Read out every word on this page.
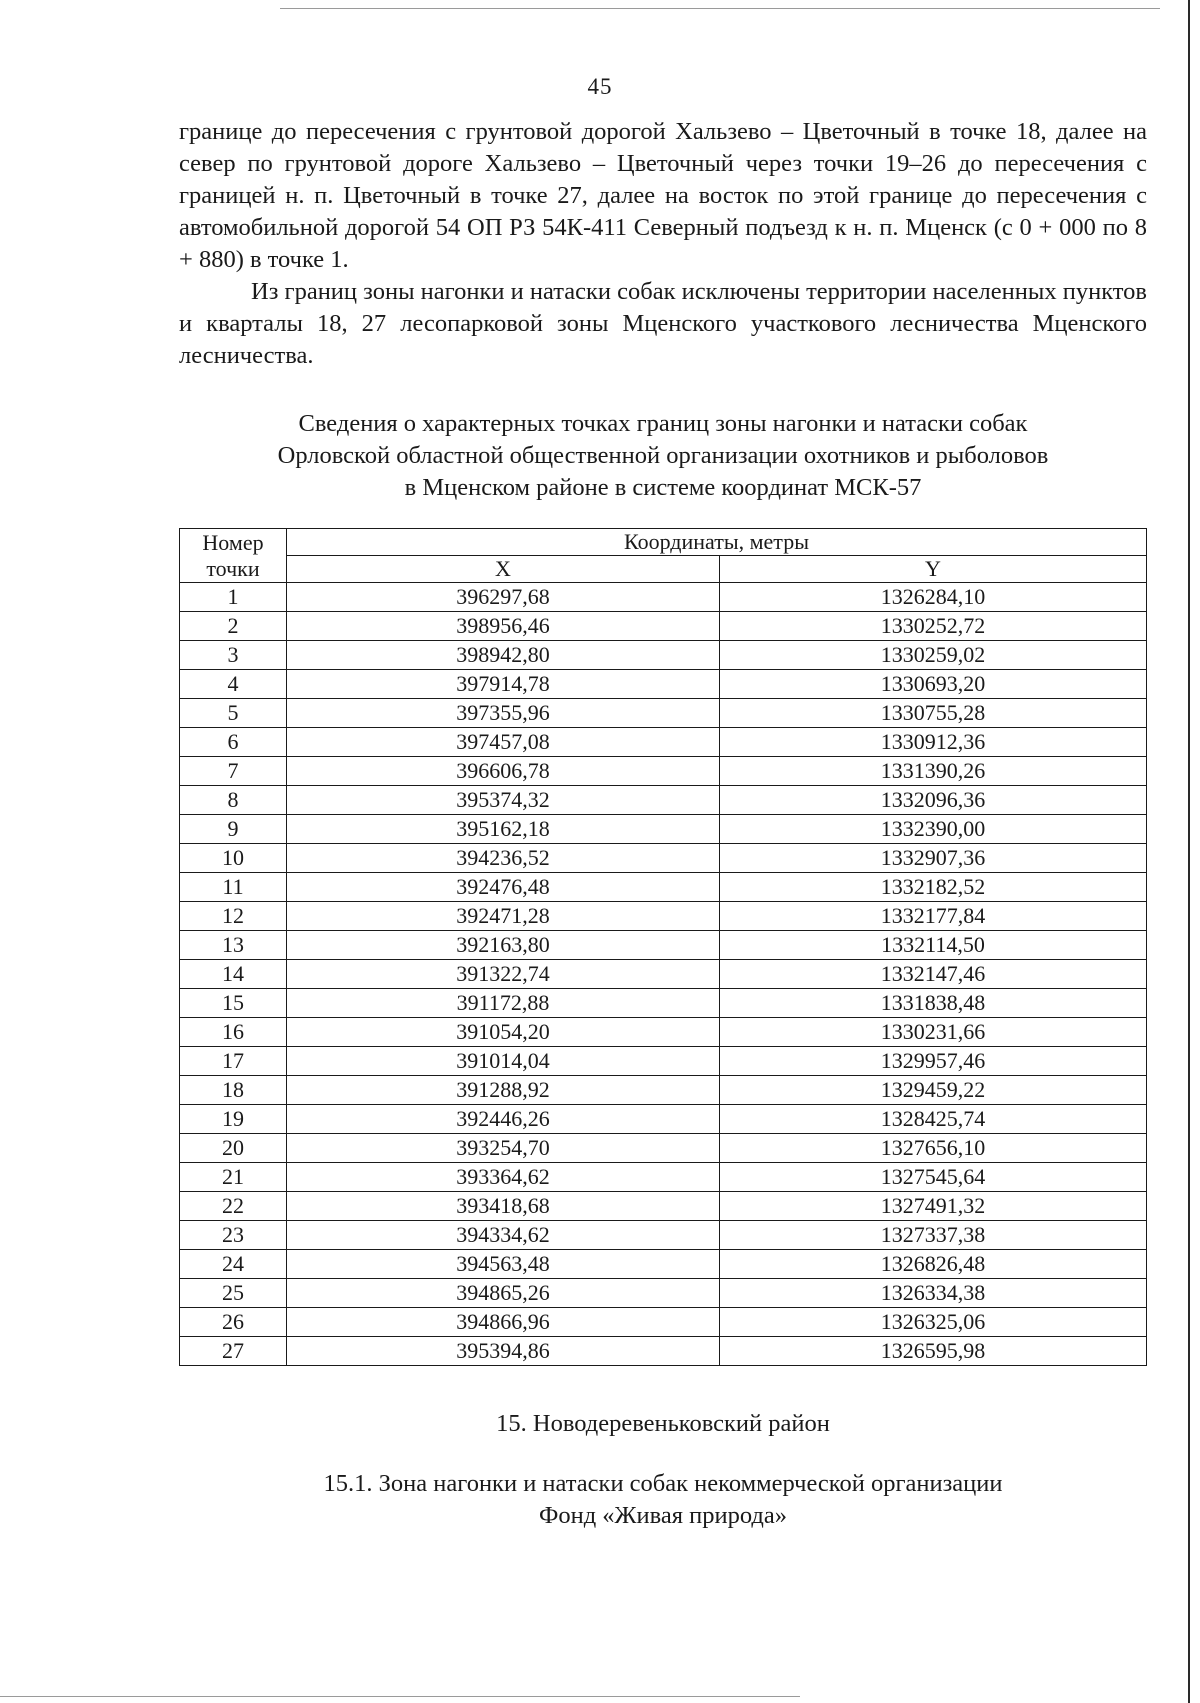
45

границе до пересечения с грунтовой дорогой Хальзево – Цветочный в точке 18, далее на север по грунтовой дороге Хальзево – Цветочный через точки 19–26 до пересечения с границей н. п. Цветочный в точке 27, далее на восток по этой границе до пересечения с автомобильной дорогой 54 ОП РЗ 54К-411 Северный подъезд к н. п. Мценск (с 0 + 000 по 8 + 880) в точке 1.

Из границ зоны нагонки и натаски собак исключены территории населенных пунктов и кварталы 18, 27 лесопарковой зоны Мценского участкового лесничества Мценского лесничества.

Сведения о характерных точках границ зоны нагонки и натаски собак
Орловской областной общественной организации охотников и рыболовов
в Мценском районе в системе координат МСК-57
Номер
точки	Координаты, метры	
	X	Y
1	396297,68	1326284,10
2	398956,46	1330252,72
3	398942,80	1330259,02
4	397914,78	1330693,20
5	397355,96	1330755,28
6	397457,08	1330912,36
7	396606,78	1331390,26
8	395374,32	1332096,36
9	395162,18	1332390,00
10	394236,52	1332907,36
11	392476,48	1332182,52
12	392471,28	1332177,84
13	392163,80	1332114,50
14	391322,74	1332147,46
15	391172,88	1331838,48
16	391054,20	1330231,66
17	391014,04	1329957,46
18	391288,92	1329459,22
19	392446,26	1328425,74
20	393254,70	1327656,10
21	393364,62	1327545,64
22	393418,68	1327491,32
23	394334,62	1327337,38
24	394563,48	1326826,48
25	394865,26	1326334,38
26	394866,96	1326325,06
27	395394,86	1326595,98
15. Новодеревеньковский район
15.1. Зона нагонки и натаски собак некоммерческой организации
Фонд «Живая природа»
